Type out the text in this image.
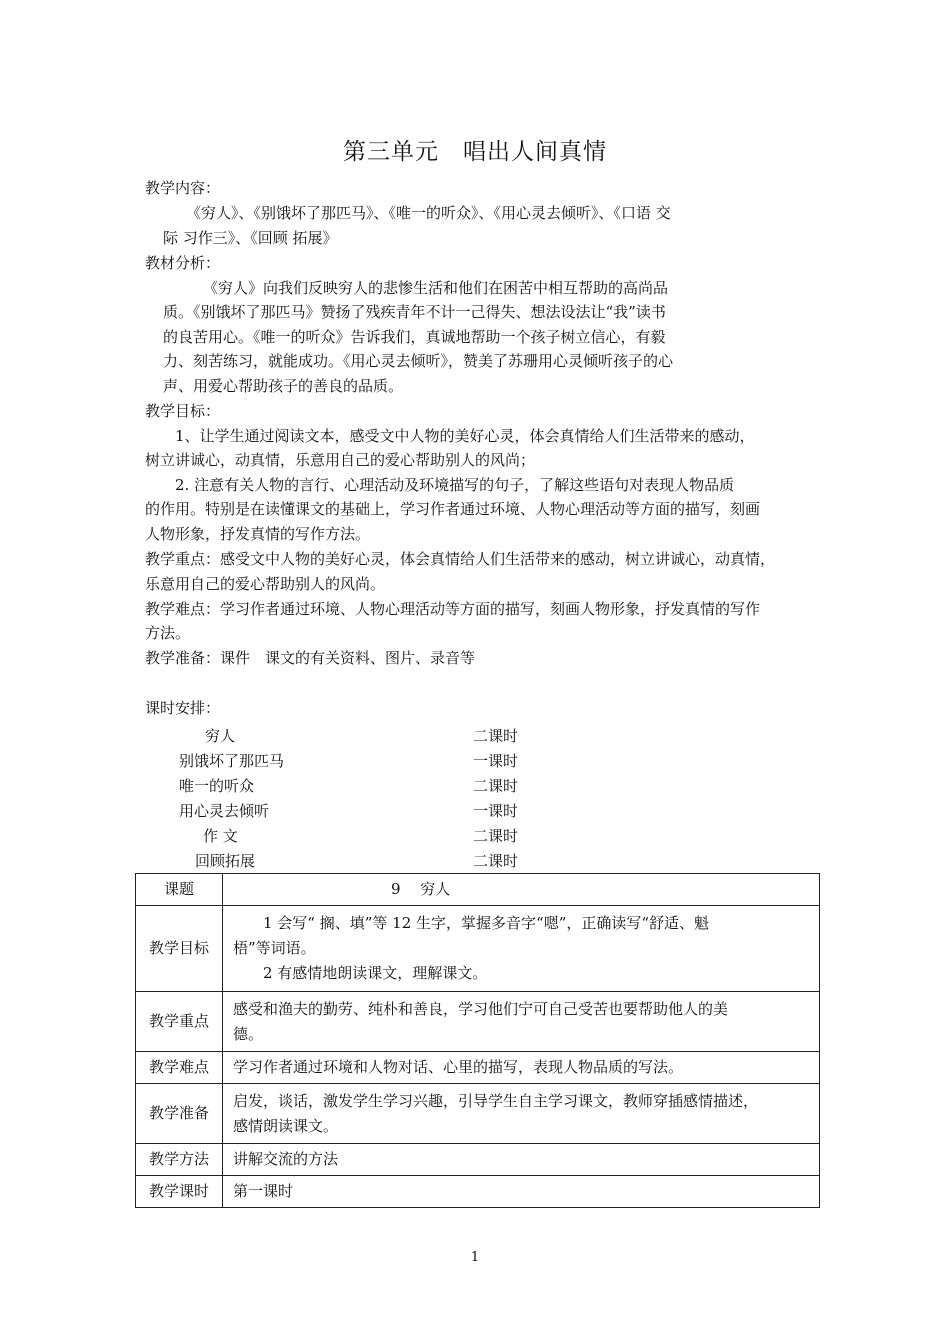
第三单元　唱出人间真情
教学内容：
《穷人》、《别饿坏了那匹马》、《唯一的听众》、《用心灵去倾听》、《口语 交
际 习作三》、《回顾 拓展》
教材分析：
《穷人》向我们反映穷人的悲惨生活和他们在困苦中相互帮助的高尚品
质。《别饿坏了那匹马》赞扬了残疾青年不计一己得失、想法设法让“我”读书
的良苦用心。《唯一的听众》告诉我们，真诚地帮助一个孩子树立信心，有毅
力、刻苦练习，就能成功。《用心灵去倾听》，赞美了苏珊用心灵倾听孩子的心
声、用爱心帮助孩子的善良的品质。
教学目标：
1、让学生通过阅读文本，感受文中人物的美好心灵，体会真情给人们生活带来的感动，
树立讲诚心，动真情，乐意用自己的爱心帮助别人的风尚；
2. 注意有关人物的言行、心理活动及环境描写的句子，了解这些语句对表现人物品质
的作用。特别是在读懂课文的基础上，学习作者通过环境、人物心理活动等方面的描写，刻画
人物形象，抒发真情的写作方法。
教学重点：感受文中人物的美好心灵，体会真情给人们生活带来的感动，树立讲诚心，动真情，
乐意用自己的爱心帮助别人的风尚。
教学难点：学习作者通过环境、人物心理活动等方面的描写，刻画人物形象，抒发真情的写作
方法。
教学准备：课件　课文的有关资料、图片、录音等
课时安排：
穷人	二课时
别饿坏了那匹马	一课时
唯一的听众	二课时
用心灵去倾听	一课时
作 文	二课时
回顾拓展	二课时
课题	9　 穷人
教学目标	1 会写“ 搁、填”等 12 生字，掌握多音字“嗯”，正确读写“舒适、魁
梧”等词语。
2 有感情地朗读课文，理解课文。

教学重点	感受和渔夫的勤劳、纯朴和善良，学习他们宁可自己受苦也要帮助他人的美
德。

教学难点	学习作者通过环境和人物对话、心里的描写，表现人物品质的写法。
教学准备	启发，谈话，激发学生学习兴趣，引导学生自主学习课文，教师穿插感情描述，
感情朗读课文。

教学方法	讲解交流的方法
教学课时	第一课时
1
